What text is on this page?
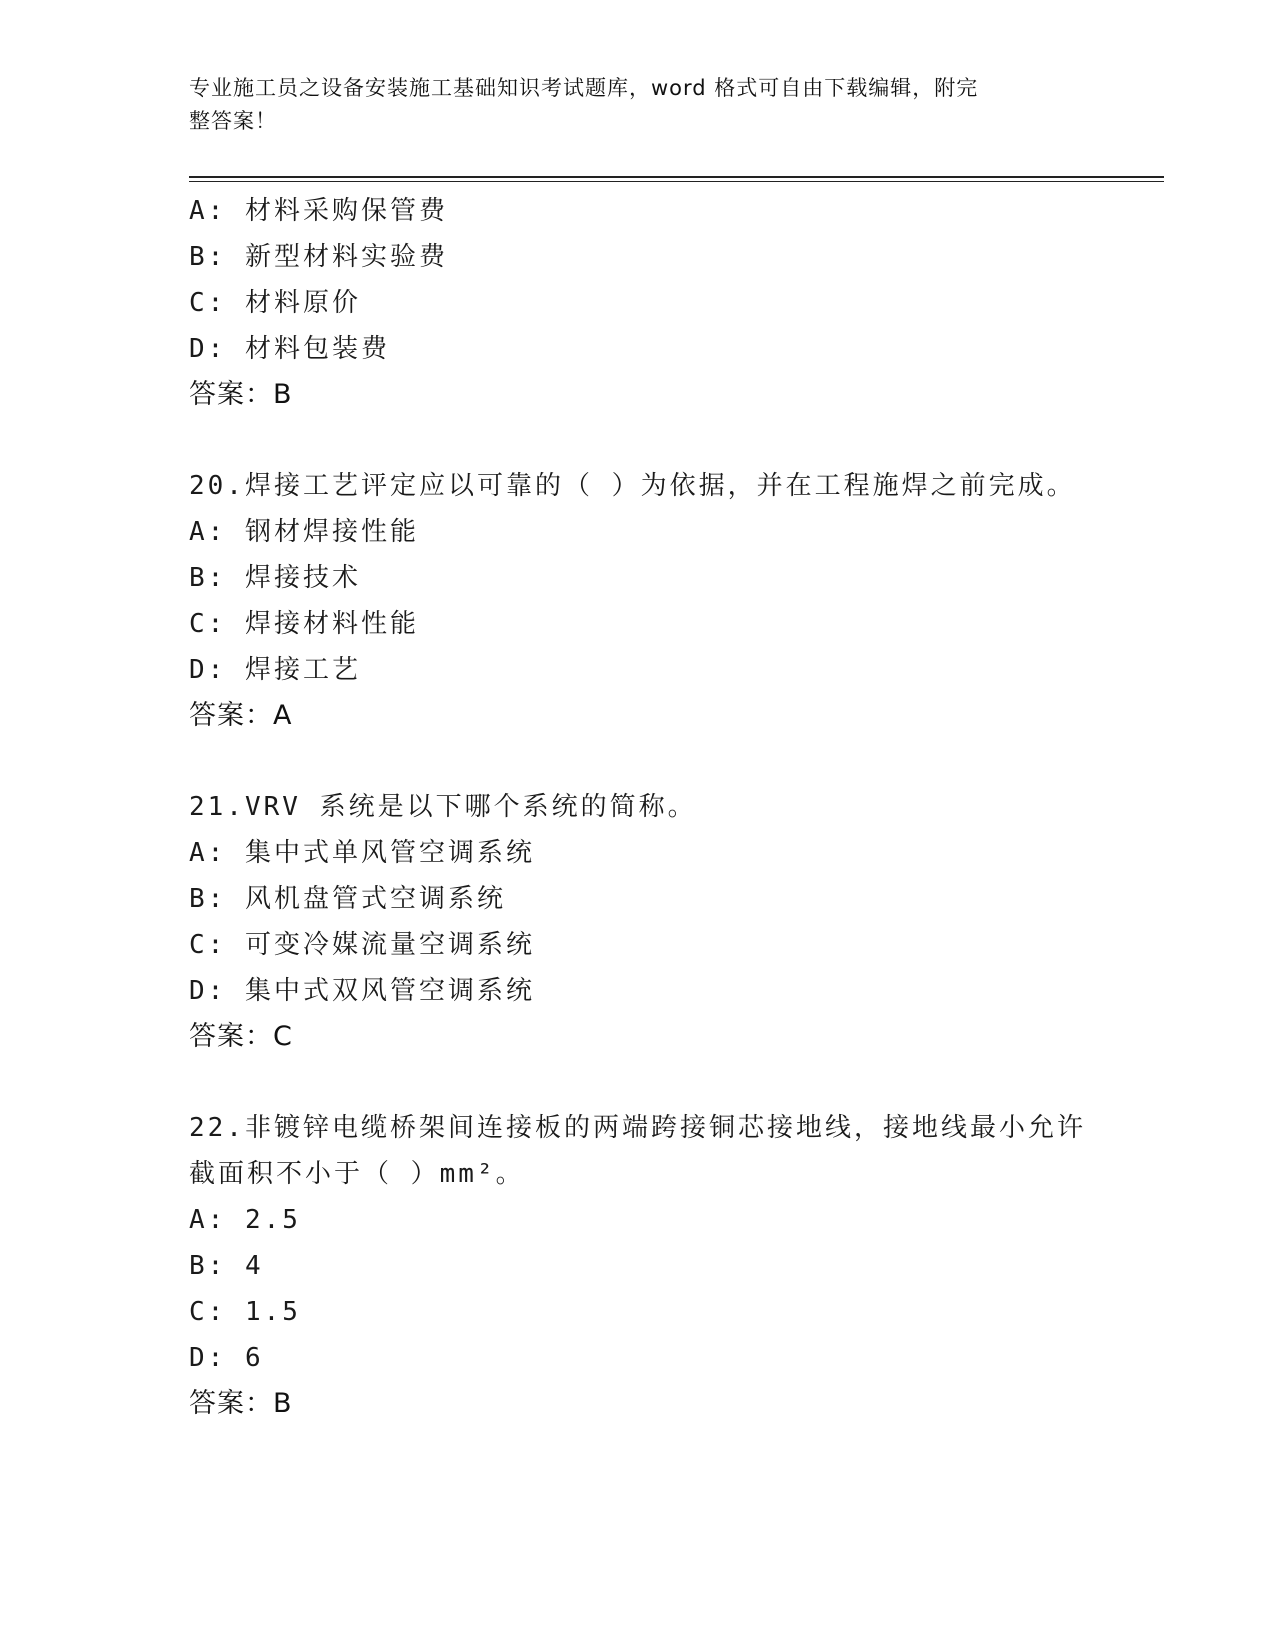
专业施工员之设备安装施工基础知识考试题库，word 格式可自由下载编辑，附完
整答案！
A: 材料采购保管费
B: 新型材料实验费
C: 材料原价
D: 材料包装费
答案：B
20.焊接工艺评定应以可靠的（ ）为依据，并在工程施焊之前完成。
A: 钢材焊接性能
B: 焊接技术
C: 焊接材料性能
D: 焊接工艺
答案：A
21.VRV 系统是以下哪个系统的简称。
A: 集中式单风管空调系统
B: 风机盘管式空调系统
C: 可变冷媒流量空调系统
D: 集中式双风管空调系统
答案：C
22.非镀锌电缆桥架间连接板的两端跨接铜芯接地线，接地线最小允许
截面积不小于（ ）mm²。
A: 2.5
B: 4
C: 1.5
D: 6
答案：B
